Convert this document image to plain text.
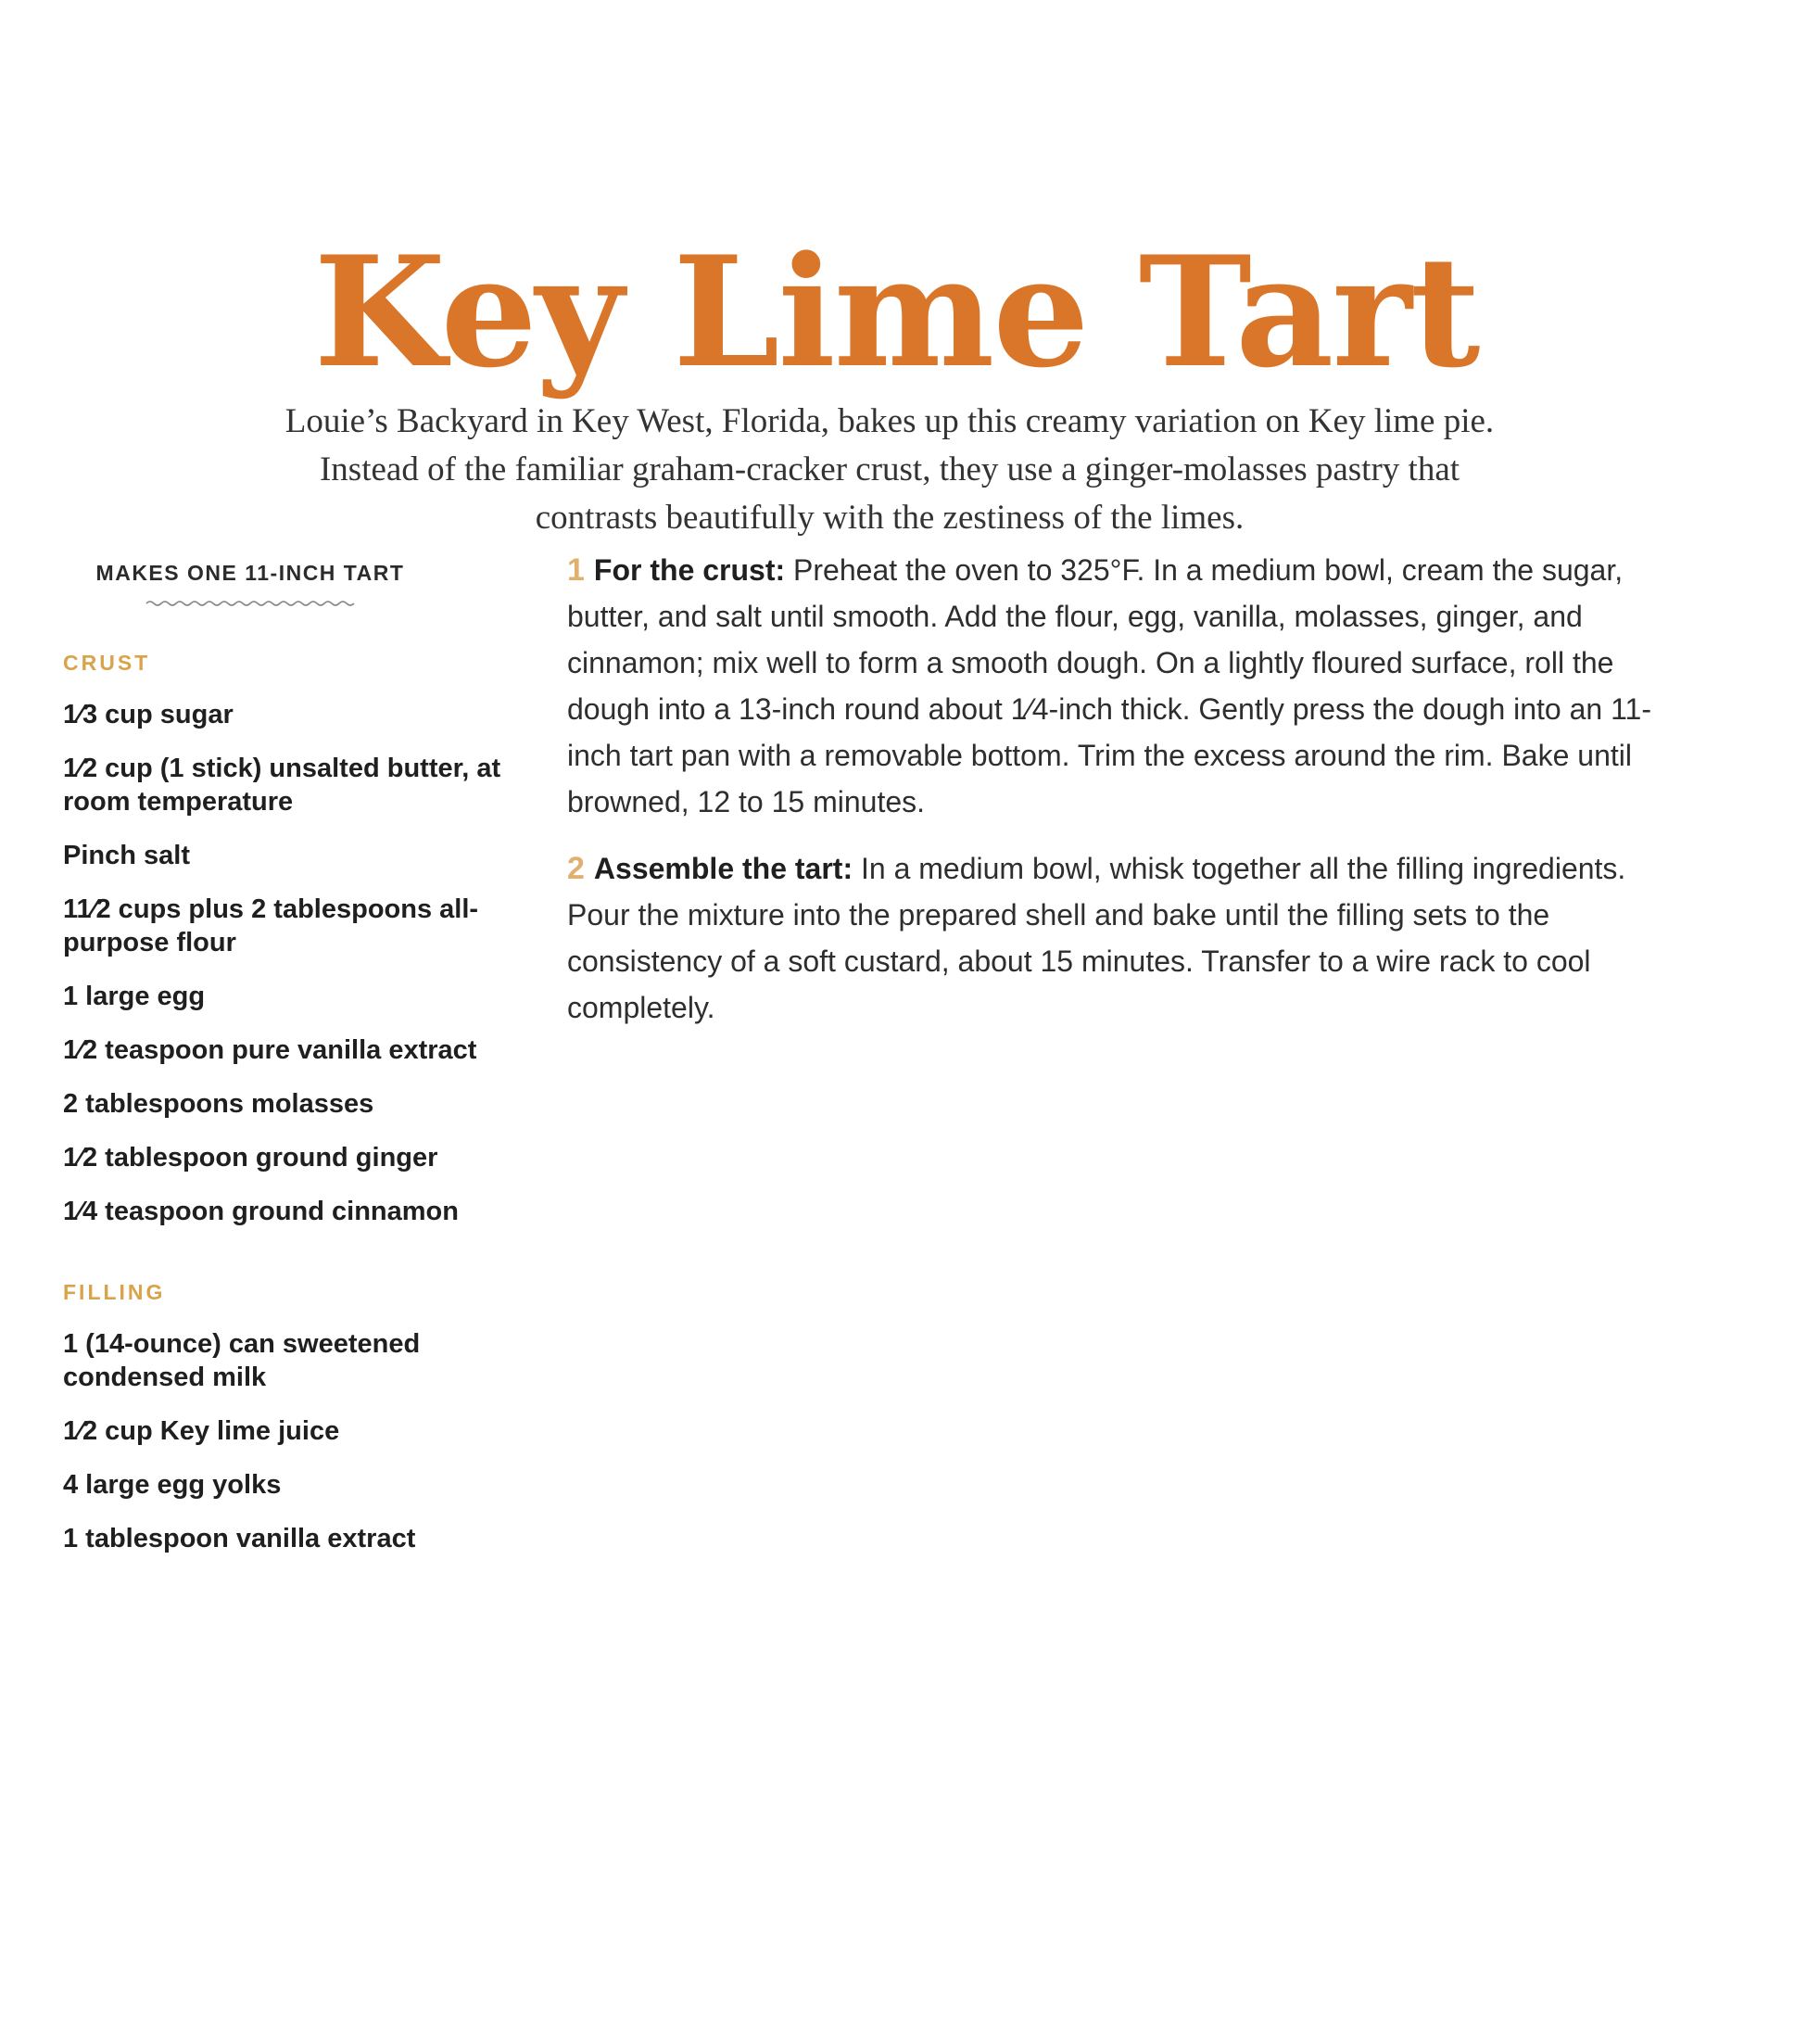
Key Lime Tart

Louie’s Backyard in Key West, Florida, bakes up this creamy variation on Key lime pie.
Instead of the familiar graham-cracker crust, they use a ginger-molasses pastry that
contrasts beautifully with the zestiness of the limes.

MAKES ONE 11-INCH TART
CRUST
1⁄3 cup sugar
1⁄2 cup (1 stick) unsalted butter, at room temperature
Pinch salt
11⁄2 cups plus 2 tablespoons all-purpose flour
1 large egg
1⁄2 teaspoon pure vanilla extract
2 tablespoons molasses
1⁄2 tablespoon ground ginger
1⁄4 teaspoon ground cinnamon
FILLING
1 (14-ounce) can sweetened condensed milk
1⁄2 cup Key lime juice
4 large egg yolks
1 tablespoon vanilla extract

1 For the crust: Preheat the oven to 325°F. In a medium bowl, cream the sugar, butter, and salt until smooth. Add the flour, egg, vanilla, molasses, ginger, and cinnamon; mix well to form a smooth dough. On a lightly floured surface, roll the dough into a 13-inch round about 1⁄4-inch thick. Gently press the dough into an 11-inch tart pan with a removable bottom. Trim the excess around the rim. Bake until browned, 12 to 15 minutes.

2 Assemble the tart: In a medium bowl, whisk together all the filling ingredients. Pour the mixture into the prepared shell and bake until the filling sets to the consistency of a soft custard, about 15 minutes. Transfer to a wire rack to cool completely.
